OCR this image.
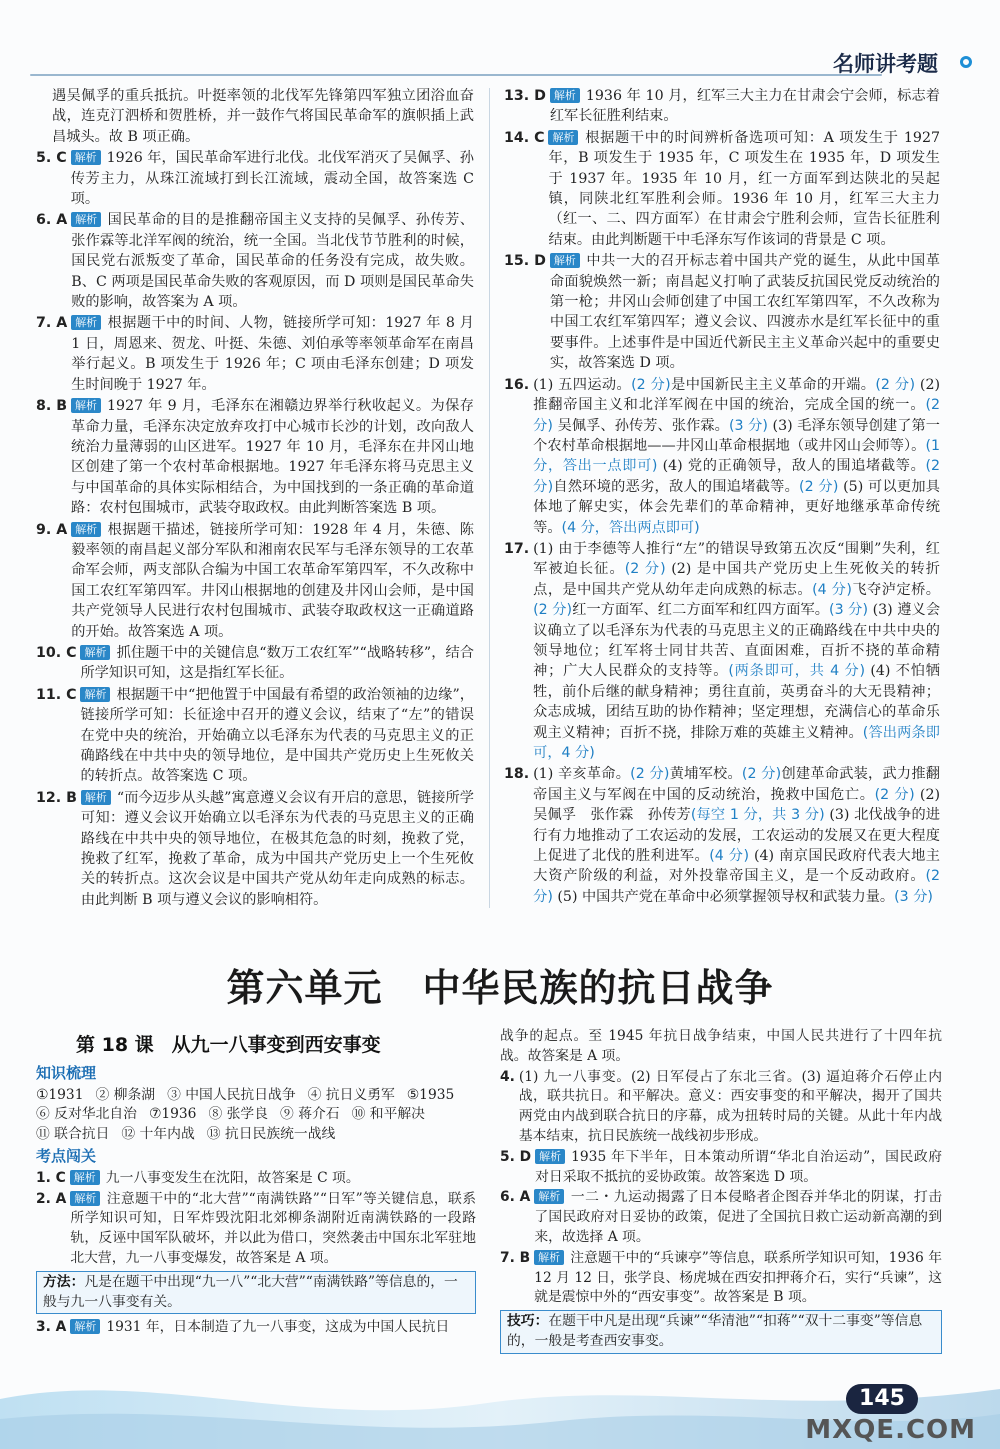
名师讲考题
遇吴佩孚的重兵抵抗。叶挺率领的北伐军先锋第四军独立团浴血奋战，连克汀泗桥和贺胜桥，并一鼓作气将国民革命军的旗帜插上武昌城头。故 B 项正确。
5. C 解析 1926 年，国民革命军进行北伐。北伐军消灭了吴佩孚、孙传芳主力，从珠江流域打到长江流域，震动全国，故答案选 C 项。
6. A 解析 国民革命的目的是推翻帝国主义支持的吴佩孚、孙传芳、张作霖等北洋军阀的统治，统一全国。当北伐节节胜利的时候，国民党右派叛变了革命，国民革命的任务没有完成，故失败。B、C 两项是国民革命失败的客观原因，而 D 项则是国民革命失败的影响，故答案为 A 项。
7. A 解析 根据题干中的时间、人物，链接所学可知：1927 年 8 月 1 日，周恩来、贺龙、叶挺、朱德、刘伯承等率领革命军在南昌举行起义。B 项发生于 1926 年；C 项由毛泽东创建；D 项发生时间晚于 1927 年。
8. B 解析 1927 年 9 月，毛泽东在湘赣边界举行秋收起义。为保存革命力量，毛泽东决定放弃攻打中心城市长沙的计划，改向敌人统治力量薄弱的山区进军。1927 年 10 月，毛泽东在井冈山地区创建了第一个农村革命根据地。1927 年毛泽东将马克思主义与中国革命的具体实际相结合，为中国找到的一条正确的革命道路：农村包围城市，武装夺取政权。由此判断答案选 B 项。
9. A 解析 根据题干描述，链接所学可知：1928 年 4 月，朱德、陈毅率领的南昌起义部分军队和湘南农民军与毛泽东领导的工农革命军会师，两支部队合编为中国工农革命军第四军，不久改称中国工农红军第四军。井冈山根据地的创建及井冈山会师，是中国共产党领导人民进行农村包围城市、武装夺取政权这一正确道路的开始。故答案选 A 项。
10. C 解析 抓住题干中的关键信息“数万工农红军”“战略转移”，结合所学知识可知，这是指红军长征。
11. C 解析 根据题干中“把他置于中国最有希望的政治领袖的边缘”，链接所学可知：长征途中召开的遵义会议，结束了“左”的错误在党中央的统治，开始确立以毛泽东为代表的马克思主义的正确路线在中共中央的领导地位，是中国共产党历史上生死攸关的转折点。故答案选 C 项。
12. B 解析 “而今迈步从头越”寓意遵义会议有开启的意思，链接所学可知：遵义会议开始确立以毛泽东为代表的马克思主义的正确路线在中共中央的领导地位，在极其危急的时刻，挽救了党，挽救了红军，挽救了革命，成为中国共产党历史上一个生死攸关的转折点。这次会议是中国共产党从幼年走向成熟的标志。由此判断 B 项与遵义会议的影响相符。
13. D 解析 1936 年 10 月，红军三大主力在甘肃会宁会师，标志着红军长征胜利结束。
14. C 解析 根据题干中的时间辨析备选项可知：A 项发生于 1927 年，B 项发生于 1935 年，C 项发生在 1935 年，D 项发生于 1937 年。1935 年 10 月，红一方面军到达陕北的吴起镇，同陕北红军胜利会师。1936 年 10 月，红军三大主力（红一、二、四方面军）在甘肃会宁胜利会师，宣告长征胜利结束。由此判断题干中毛泽东写作该词的背景是 C 项。
15. D 解析 中共一大的召开标志着中国共产党的诞生，从此中国革命面貌焕然一新；南昌起义打响了武装反抗国民党反动统治的第一枪；井冈山会师创建了中国工农红军第四军，不久改称为中国工农红军第四军；遵义会议、四渡赤水是红军长征中的重要事件。上述事件是中国近代新民主主义革命兴起中的重要史实，故答案选 D 项。
16. (1) 五四运动。(2 分)是中国新民主主义革命的开端。(2 分) (2) 推翻帝国主义和北洋军阀在中国的统治，完成全国的统一。(2 分) 吴佩孚、孙传芳、张作霖。(3 分) (3) 毛泽东领导创建了第一个农村革命根据地——井冈山革命根据地（或井冈山会师等）。(1 分，答出一点即可) (4) 党的正确领导，敌人的围追堵截等。(2 分)自然环境的恶劣，敌人的围追堵截等。(2 分) (5) 可以更加具体地了解史实，体会先辈们的革命精神，更好地继承革命传统等。(4 分，答出两点即可)
17. (1) 由于李德等人推行“左”的错误导致第五次反“围剿”失利，红军被迫长征。(2 分) (2) 是中国共产党历史上生死攸关的转折点，是中国共产党从幼年走向成熟的标志。(4 分)飞夺泸定桥。(2 分)红一方面军、红二方面军和红四方面军。(3 分) (3) 遵义会议确立了以毛泽东为代表的马克思主义的正确路线在中共中央的领导地位；红军将士同甘共苦、直面困难，百折不挠的革命精神；广大人民群众的支持等。(两条即可，共 4 分) (4) 不怕牺牲，前仆后继的献身精神；勇往直前，英勇奋斗的大无畏精神；众志成城，团结互助的协作精神；坚定理想，充满信心的革命乐观主义精神；百折不挠，排除万难的英雄主义精神。(答出两条即可，4 分)
18. (1) 辛亥革命。(2 分)黄埔军校。(2 分)创建革命武装，武力推翻帝国主义与军阀在中国的反动统治，挽救中国危亡。(2 分) (2) 吴佩孚　张作霖　孙传芳(每空 1 分，共 3 分) (3) 北伐战争的进行有力地推动了工农运动的发展，工农运动的发展又在更大程度上促进了北伐的胜利进军。(4 分) (4) 南京国民政府代表大地主大资产阶级的利益，对外投靠帝国主义，是一个反动政府。(2 分) (5) 中国共产党在革命中必须掌握领导权和武装力量。(3 分)
第六单元 中华民族的抗日战争
第 18 课 从九一八事变到西安事变
知识梳理
①1931 ② 柳条湖 ③ 中国人民抗日战争 ④ 抗日义勇军 ⑤1935
⑥ 反对华北自治 ⑦1936 ⑧ 张学良 ⑨ 蒋介石 ⑩ 和平解决
⑪ 联合抗日 ⑫ 十年内战 ⑬ 抗日民族统一战线
考点闯关
1. C 解析 九一八事变发生在沈阳，故答案是 C 项。
2. A 解析 注意题干中的“北大营”“南满铁路”“日军”等关键信息，联系所学知识可知，日军炸毁沈阳北郊柳条湖附近南满铁路的一段路轨，反诬中国军队破坏，并以此为借口，突然袭击中国东北军驻地北大营，九一八事变爆发，故答案是 A 项。
方法：凡是在题干中出现“九一八”“北大营”“南满铁路”等信息的，一般与九一八事变有关。
3. A 解析 1931 年，日本制造了九一八事变，这成为中国人民抗日
战争的起点。至 1945 年抗日战争结束，中国人民共进行了十四年抗战。故答案是 A 项。
4. (1) 九一八事变。(2) 日军侵占了东北三省。(3) 逼迫蒋介石停止内战，联共抗日。和平解决。意义：西安事变的和平解决，揭开了国共两党由内战到联合抗日的序幕，成为扭转时局的关键。从此十年内战基本结束，抗日民族统一战线初步形成。
5. D 解析 1935 年下半年，日本策动所谓“华北自治运动”，国民政府对日采取不抵抗的妥协政策。故答案选 D 项。
6. A 解析 一二・九运动揭露了日本侵略者企图吞并华北的阴谋，打击了国民政府对日妥协的政策，促进了全国抗日救亡运动新高潮的到来，故选择 A 项。
7. B 解析 注意题干中的“兵谏亭”等信息，联系所学知识可知，1936 年 12 月 12 日，张学良、杨虎城在西安扣押蒋介石，实行“兵谏”，这就是震惊中外的“西安事变”。故答案是 B 项。
技巧：在题干中凡是出现“兵谏”“华清池”“扣蒋”“双十二事变”等信息的，一般是考查西安事变。
145
MXQE.COM
